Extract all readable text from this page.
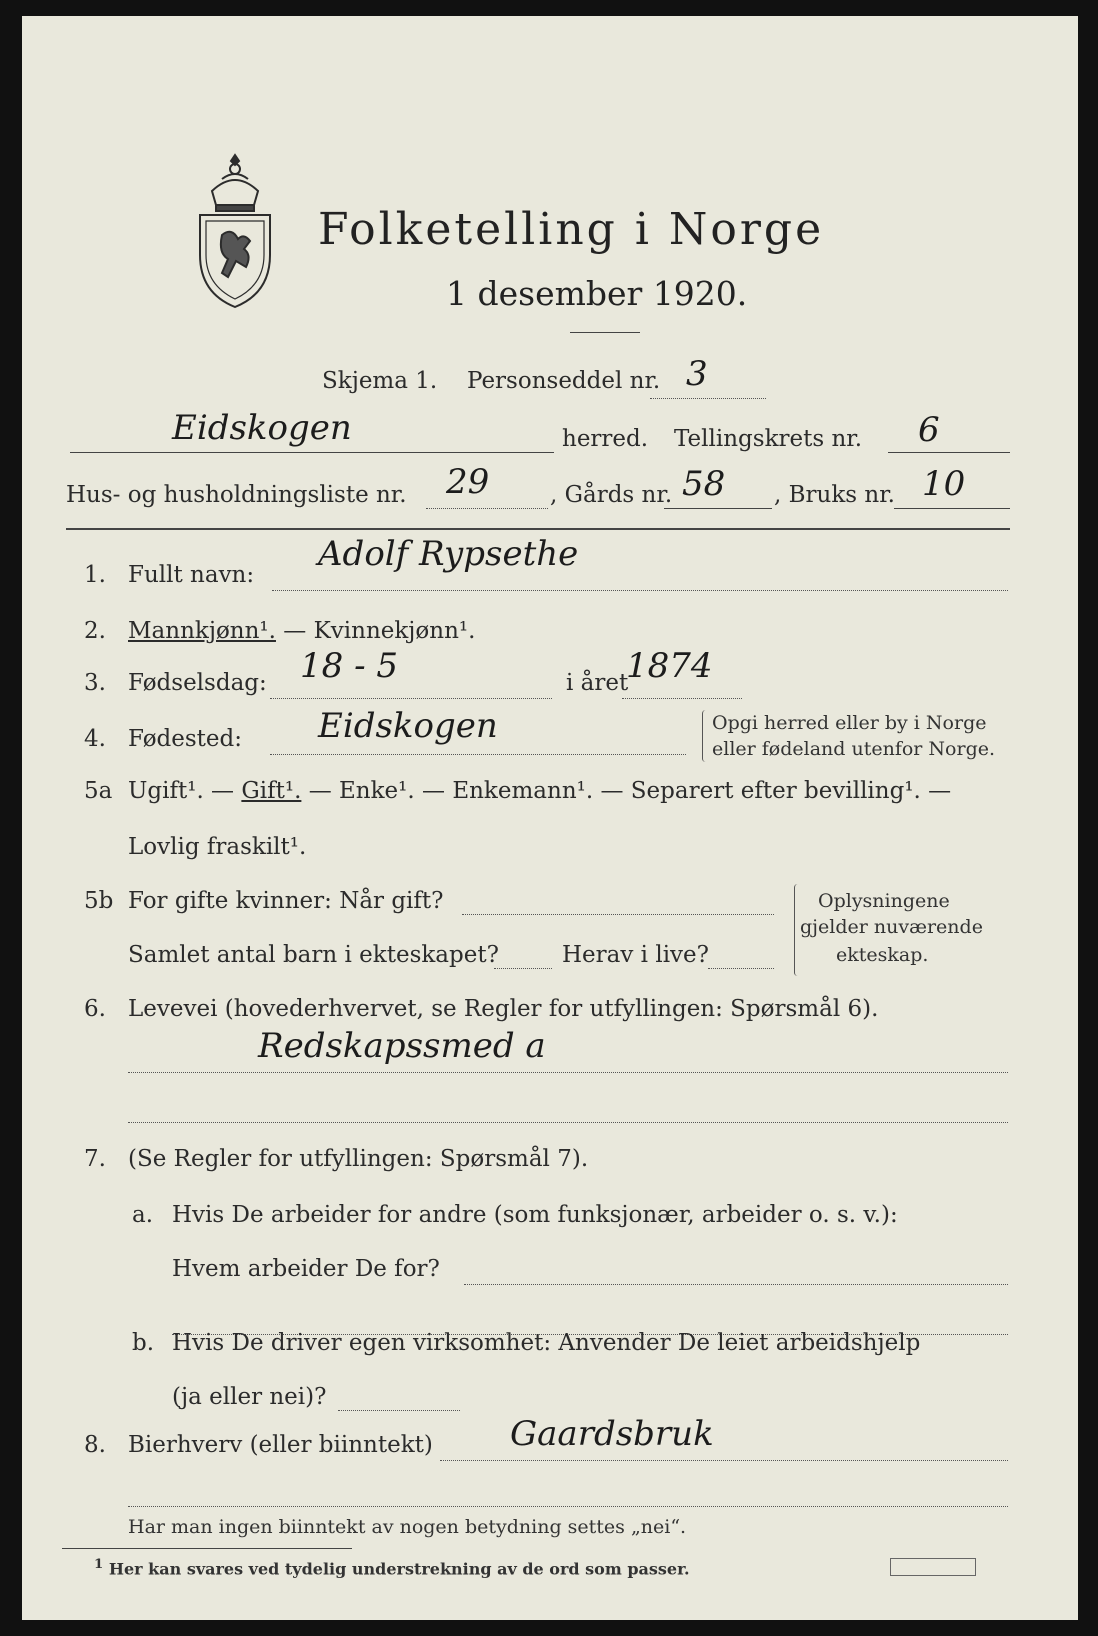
Folketelling i Norge
1 desember 1920.
Skjema 1. Personseddel nr. 3
Eidskogen	herred. Tellingskrets nr. 6
Hus- og husholdningsliste nr. 29	, Gårds nr. 58 , Bruks nr. 10
1. Fullt navn:
Adolf Rypsethe
2. Mannkjønn¹. — Kvinnekjønn¹.
3. Fødselsdag: 18 - 5	i året
1874
4. Fødested: Eidskogen	Opgi herred eller by i Norge
eller fødeland utenfor Norge.
5a Ugift¹. — Gift¹. — Enke¹. — Enkemann¹. — Separert efter bevilling¹. —
Lovlig fraskilt¹.
5b For gifte kvinner: Når gift?
Samlet antal barn i ekteskapet?	Herav i live?
Oplysningene
gjelder nuværende
ekteskap.
6. Levevei (hovederhvervet, se Regler for utfyllingen: Spørsmål 6).
Redskapssmed a
7. (Se Regler for utfyllingen: Spørsmål 7).
a. Hvis De arbeider for andre (som funksjonær, arbeider o. s. v.):
Hvem arbeider De for?
b. Hvis De driver egen virksomhet: Anvender De leiet arbeidshjelp
(ja eller nei)?
8. Bierhverv (eller biinntekt) Gaardsbruk
Har man ingen biinntekt av nogen betydning settes „nei“.
$^1$ Her kan svares ved tydelig understrekning av de ord som passer.
